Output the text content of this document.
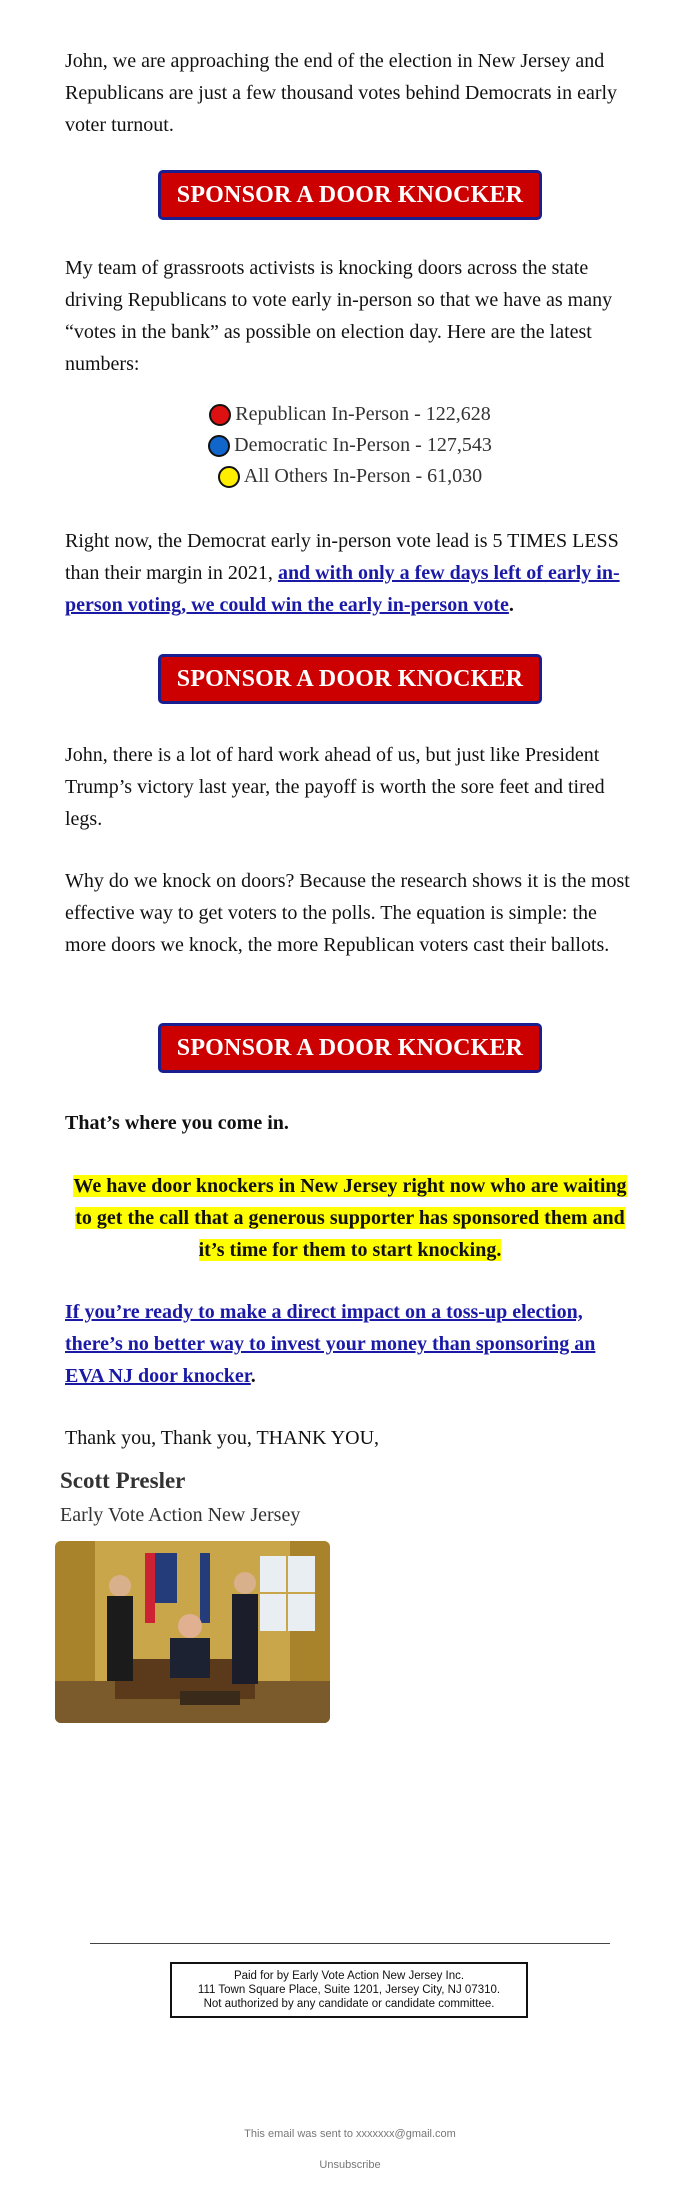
John, we are approaching the end of the election in New Jersey and Republicans are just a few thousand votes behind Democrats in early voter turnout.

SPONSOR A DOOR KNOCKER

My team of grassroots activists is knocking doors across the state driving Republicans to vote early in-person so that we have as many “votes in the bank” as possible on election day. Here are the latest numbers:

Republican In-Person - 122,628
Democratic In-Person - 127,543
All Others In-Person - 61,030

Right now, the Democrat early in-person vote lead is 5 TIMES LESS than their margin in 2021, and with only a few days left of early in-person voting, we could win the early in-person vote.

SPONSOR A DOOR KNOCKER

John, there is a lot of hard work ahead of us, but just like President Trump’s victory last year, the payoff is worth the sore feet and tired legs.

Why do we knock on doors? Because the research shows it is the most effective way to get voters to the polls. The equation is simple: the more doors we knock, the more Republican voters cast their ballots.

SPONSOR A DOOR KNOCKER

That’s where you come in.

We have door knockers in New Jersey right now who are waiting to get the call that a generous supporter has sponsored them and it’s time for them to start knocking.

If you’re ready to make a direct impact on a toss-up election, there’s no better way to invest your money than sponsoring an EVA NJ door knocker.

Thank you, Thank you, THANK YOU,

Scott Presler
Early Vote Action New Jersey
Paid for by Early Vote Action New Jersey Inc.
111 Town Square Place, Suite 1201, Jersey City, NJ 07310.
Not authorized by any candidate or candidate committee.
This email was sent to xxxxxxx@gmail.com
Unsubscribe
